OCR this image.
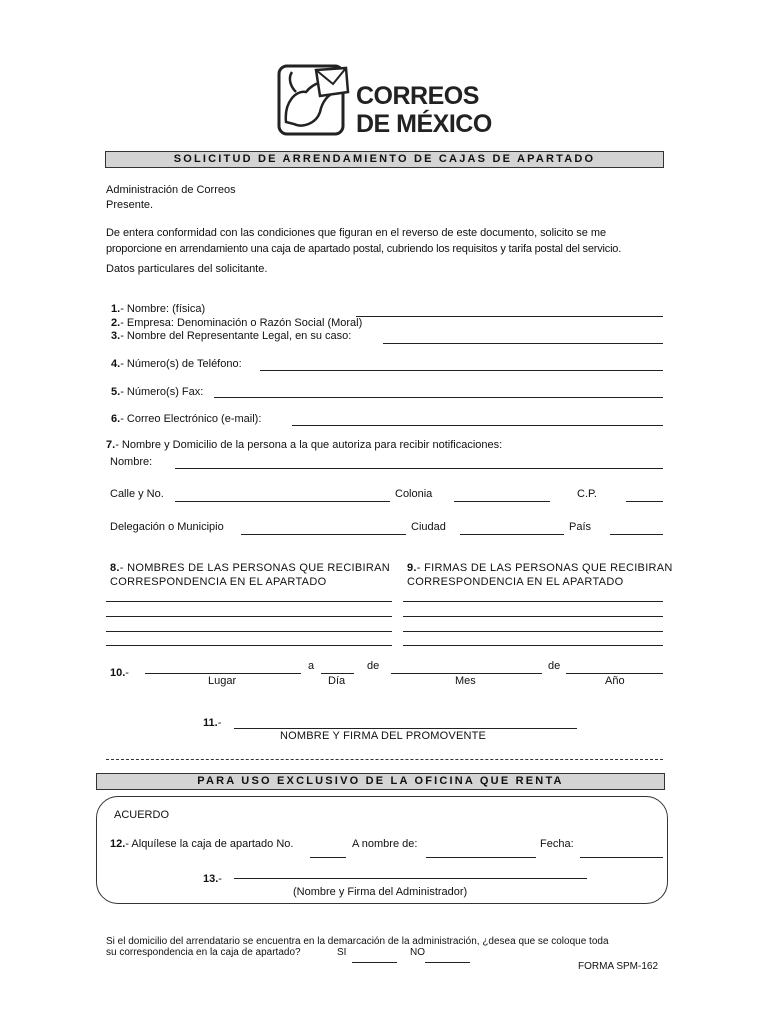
CORREOS
DE MÉXICO
SOLICITUD DE ARRENDAMIENTO DE CAJAS DE APARTADO
Administración de Correos
Presente.
De entera conformidad con las condiciones que figuran en el reverso de este documento, solicito se me
proporcione en arrendamiento una caja de apartado postal, cubriendo los requisitos y tarifa postal del servicio.
Datos particulares del solicitante.
1.- Nombre: (física)
2.- Empresa: Denominación o Razón Social (Moral)
3.- Nombre del Representante Legal, en su caso:
4.- Número(s) de Teléfono:
5.- Número(s) Fax:
6.- Correo Electrónico (e-mail):
7.- Nombre y Domicilio de la persona a la que autoriza para recibir notificaciones:
Nombre:
Calle y No.	Colonia	C.P.
Delegación o Municipio	Ciudad	País
8.- NOMBRES DE LAS PERSONAS QUE RECIBIRAN
CORRESPONDENCIA EN EL APARTADO
9.- FIRMAS DE LAS PERSONAS QUE RECIBIRAN
CORRESPONDENCIA EN EL APARTADO
10.-
a	de	de
Lugar	Día	Mes	Año
11.-
NOMBRE Y FIRMA DEL PROMOVENTE
PARA USO EXCLUSIVO DE LA OFICINA QUE RENTA
ACUERDO
12.- Alquílese la caja de apartado No.	A nombre de:	Fecha:
13.-
(Nombre y Firma del Administrador)
Si el domicilio del arrendatario se encuentra en la demarcación de la administración, ¿desea que se coloque toda
su correspondencia en la caja de apartado?	SI	NO
FORMA SPM-162
